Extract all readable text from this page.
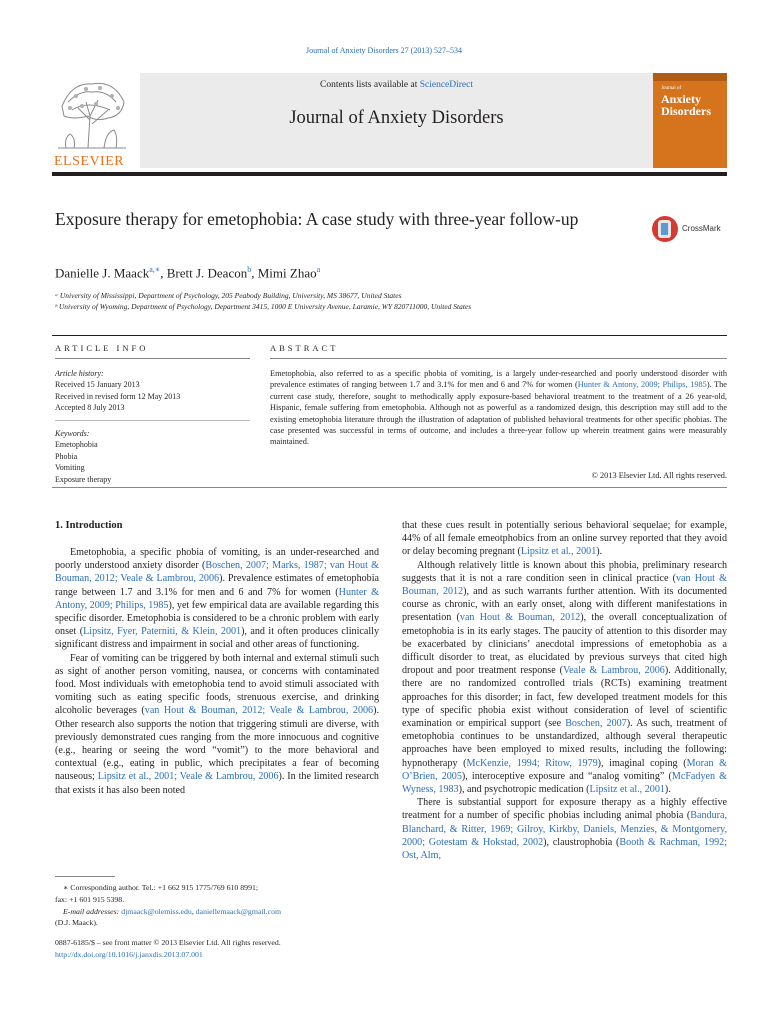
Journal of Anxiety Disorders 27 (2013) 527–534
ELSEVIER
Contents lists available at ScienceDirect
Journal of Anxiety Disorders
Journal of
Anxiety
Disorders
Exposure therapy for emetophobia: A case study with three-year follow-up	CrossMark
Danielle J. Maack$^{a,∗}$, Brett J. Deacon$^b$, Mimi Zhao$^a$
ᵃ University of Mississippi, Department of Psychology, 205 Peabody Building, University, MS 38677, United States
ᵇ University of Wyoming, Department of Psychology, Department 3415, 1000 E University Avenue, Laramie, WY 820711000, United States
ARTICLE INFO	ABSTRACT
Article history:
Received 15 January 2013
Received in revised form 12 May 2013
Accepted 8 July 2013
Keywords:
Emetophobia
Phobia
Vomiting
Exposure therapy
Emetophobia, also referred to as a specific phobia of vomiting, is a largely under-researched and poorly understood disorder with prevalence estimates of ranging between 1.7 and 3.1% for men and 6 and 7% for women (Hunter & Antony, 2009; Philips, 1985). The current case study, therefore, sought to methodically apply exposure-based behavioral treatment to the treatment of a 26 year-old, Hispanic, female suffering from emetophobia. Although not as powerful as a randomized design, this description may still add to the existing emetophobia literature through the illustration of adaptation of published behavioral treatments for other specific phobias. The case presented was successful in terms of outcome, and includes a three-year follow up wherein treatment gains were measurably maintained.
© 2013 Elsevier Ltd. All rights reserved.
1. Introduction

Emetophobia, a specific phobia of vomiting, is an under-researched and poorly understood anxiety disorder (Boschen, 2007; Marks, 1987; van Hout & Bouman, 2012; Veale & Lambrou, 2006). Prevalence estimates of emetophobia range between 1.7 and 3.1% for men and 6 and 7% for women (Hunter & Antony, 2009; Philips, 1985), yet few empirical data are available regarding this specific disorder. Emetophobia is considered to be a chronic problem with early onset (Lipsitz, Fyer, Paterniti, & Klein, 2001), and it often produces clinically significant distress and impairment in social and other areas of functioning.

Fear of vomiting can be triggered by both internal and external stimuli such as sight of another person vomiting, nausea, or concerns with contaminated food. Most individuals with emetophobia tend to avoid stimuli associated with vomiting such as eating specific foods, strenuous exercise, and drinking alcoholic beverages (van Hout & Bouman, 2012; Veale & Lambrou, 2006). Other research also supports the notion that triggering stimuli are diverse, with previously demonstrated cues ranging from the more innocuous and cognitive (e.g., hearing or seeing the word “vomit”) to the more behavioral and contextual (e.g., eating in public, which precipitates a fear of becoming nauseous; Lipsitz et al., 2001; Veale & Lambrou, 2006). In the limited research that exists it has also been noted

that these cues result in potentially serious behavioral sequelae; for example, 44% of all female emeotphobics from an online survey reported that they avoid or delay becoming pregnant (Lipsitz et al., 2001).

Although relatively little is known about this phobia, preliminary research suggests that it is not a rare condition seen in clinical practice (van Hout & Bouman, 2012), and as such warrants further attention. With its documented course as chronic, with an early onset, along with different manifestations in presentation (van Hout & Bouman, 2012), the overall conceptualization of emetophobia is in its early stages. The paucity of attention to this disorder may be exacerbated by clinicians’ anecdotal impressions of emetophobia as a difficult disorder to treat, as elucidated by previous surveys that cited high dropout and poor treatment response (Veale & Lambrou, 2006). Additionally, there are no randomized controlled trials (RCTs) examining treatment approaches for this disorder; in fact, few developed treatment models for this type of specific phobia exist without consideration of level of scientific examination or empirical support (see Boschen, 2007). As such, treatment of emetophobia continues to be unstandardized, although several therapeutic approaches have been employed to mixed results, including the following: hypnotherapy (McKenzie, 1994; Ritow, 1979), imaginal coping (Moran & O’Brien, 2005), interoceptive exposure and “analog vomiting” (McFadyen & Wyness, 1983), and psychotropic medication (Lipsitz et al., 2001).

There is substantial support for exposure therapy as a highly effective treatment for a number of specific phobias including animal phobia (Bandura, Blanchard, & Ritter, 1969; Gilroy, Kirkby, Daniels, Menzies, & Montgomery, 2000; Gotestam & Hokstad, 2002), claustrophobia (Booth & Rachman, 1992; Ost, Alm,

∗ Corresponding author. Tel.: +1 662 915 1775/769 610 8991;
fax: +1 601 915 5398.
E-mail addresses: djmaack@olemiss.edu, daniellemaack@gmail.com
(D.J. Maack).
0887-6185/$ – see front matter © 2013 Elsevier Ltd. All rights reserved.
http://dx.doi.org/10.1016/j.janxdis.2013.07.001
